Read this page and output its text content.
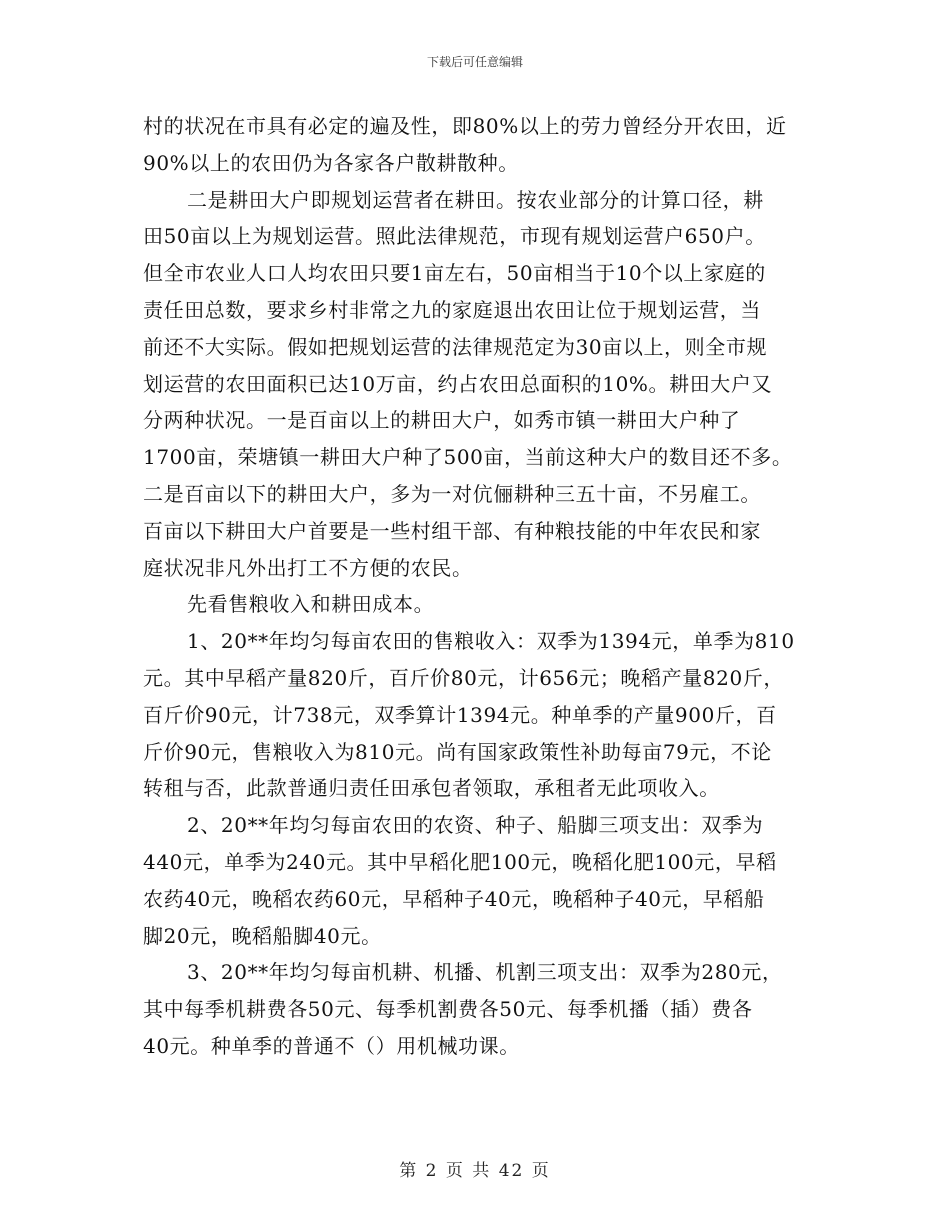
下载后可任意编辑
村的状况在市具有必定的遍及性，即80%以上的劳力曾经分开农田，近
90%以上的农田仍为各家各户散耕散种。
二是耕田大户即规划运营者在耕田。按农业部分的计算口径，耕
田50亩以上为规划运营。照此法律规范，市现有规划运营户650户。
但全市农业人口人均农田只要1亩左右，50亩相当于10个以上家庭的
责任田总数，要求乡村非常之九的家庭退出农田让位于规划运营，当
前还不大实际。假如把规划运营的法律规范定为30亩以上，则全市规
划运营的农田面积已达10万亩，约占农田总面积的10%。耕田大户又
分两种状况。一是百亩以上的耕田大户，如秀市镇一耕田大户种了
1700亩，荣塘镇一耕田大户种了500亩，当前这种大户的数目还不多。
二是百亩以下的耕田大户，多为一对伉俪耕种三五十亩，不另雇工。
百亩以下耕田大户首要是一些村组干部、有种粮技能的中年农民和家
庭状况非凡外出打工不方便的农民。
先看售粮收入和耕田成本。
1、20**年均匀每亩农田的售粮收入：双季为1394元，单季为810
元。其中早稻产量820斤，百斤价80元，计656元；晚稻产量820斤，
百斤价90元，计738元，双季算计1394元。种单季的产量900斤，百
斤价90元，售粮收入为810元。尚有国家政策性补助每亩79元，不论
转租与否，此款普通归责任田承包者领取，承租者无此项收入。
2、20**年均匀每亩农田的农资、种子、船脚三项支出：双季为
440元，单季为240元。其中早稻化肥100元，晚稻化肥100元，早稻
农药40元，晚稻农药60元，早稻种子40元，晚稻种子40元，早稻船
脚20元，晚稻船脚40元。
3、20**年均匀每亩机耕、机播、机割三项支出：双季为280元，
其中每季机耕费各50元、每季机割费各50元、每季机播（插）费各
40元。种单季的普通不（）用机械功课。
第 2 页 共 42 页
